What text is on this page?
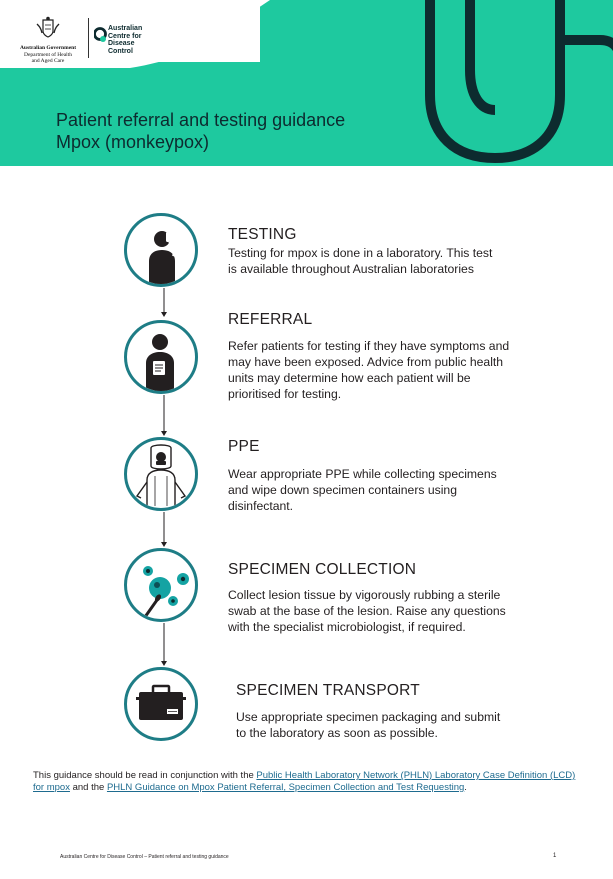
Australian Government
Department of Health
and Aged Care
Australian
Centre for
Disease
Control
Patient referral and testing guidance
Mpox (monkeypox)
TESTING
Testing for mpox is done in a laboratory. This test
is available throughout Australian laboratories
REFERRAL
Refer patients for testing if they have symptoms and
may have been exposed. Advice from public health
units may determine how each patient will be
prioritised for testing.
PPE
Wear appropriate PPE while collecting specimens
and wipe down specimen containers using
disinfectant.
SPECIMEN COLLECTION
Collect lesion tissue by vigorously rubbing a sterile
swab at the base of the lesion. Raise any questions
with the specialist microbiologist, if required.
SPECIMEN TRANSPORT
Use appropriate specimen packaging and submit
to the laboratory as soon as possible.
This guidance should be read in conjunction with the Public Health Laboratory Network (PHLN) Laboratory Case Definition (LCD) for mpox and the PHLN Guidance on Mpox Patient Referral, Specimen Collection and Test Requesting.
Australian Centre for Disease Control – Patient referral and testing guidance	1
